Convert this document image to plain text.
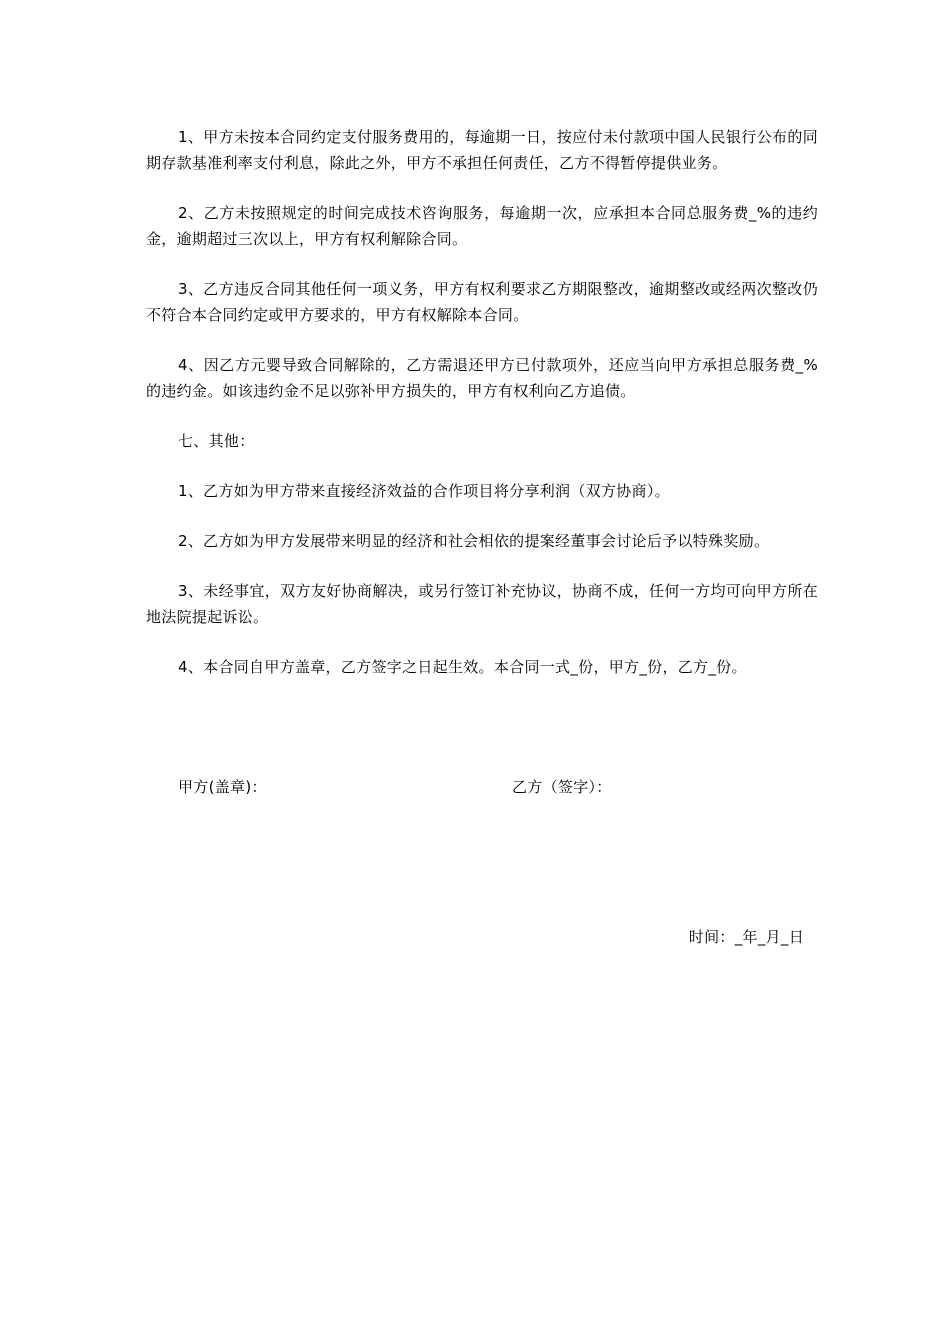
1、甲方未按本合同约定支付服务费用的，每逾期一日，按应付未付款项中国人民银行公布的同期存款基准利率支付利息，除此之外，甲方不承担任何责任，乙方不得暂停提供业务。

2、乙方未按照规定的时间完成技术咨询服务，每逾期一次，应承担本合同总服务费_%的违约金，逾期超过三次以上，甲方有权利解除合同。

3、乙方违反合同其他任何一项义务，甲方有权利要求乙方期限整改，逾期整改或经两次整改仍不符合本合同约定或甲方要求的，甲方有权解除本合同。

4、因乙方元婴导致合同解除的，乙方需退还甲方已付款项外，还应当向甲方承担总服务费_%的违约金。如该违约金不足以弥补甲方损失的，甲方有权利向乙方追债。

七、其他：

1、乙方如为甲方带来直接经济效益的合作项目将分享利润（双方协商）。

2、乙方如为甲方发展带来明显的经济和社会相依的提案经董事会讨论后予以特殊奖励。

3、未经事宜，双方友好协商解决，或另行签订补充协议，协商不成，任何一方均可向甲方所在地法院提起诉讼。

4、本合同自甲方盖章，乙方签字之日起生效。本合同一式_份，甲方_份，乙方_份。

甲方(盖章)：	乙方（签字）：
时间：_年_月_日
